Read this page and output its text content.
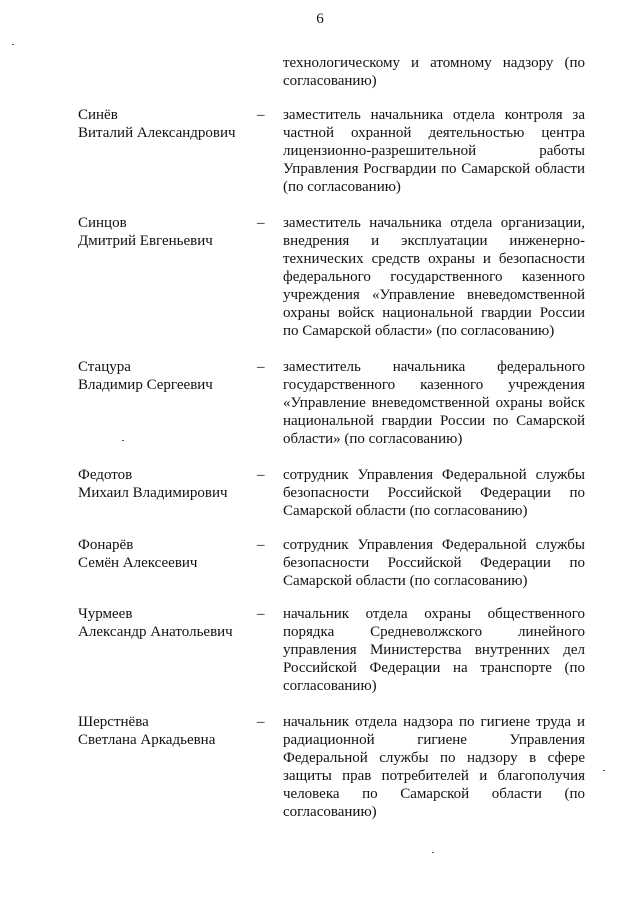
6
технологическому и атомному надзору (по
согласованию)
Синёв
Виталий Александрович
–	заместитель начальника отдела контроля за
частной охранной деятельностью центра
лицензионно-разрешительной работы
Управления Росгвардии по Самарской области
(по согласованию)
Синцов
Дмитрий Евгеньевич
–	заместитель начальника отдела организации,
внедрения и эксплуатации инженерно-
технических средств охраны и безопасности
федерального государственного казенного
учреждения «Управление вневедомственной
охраны войск национальной гвардии России
по Самарской области» (по согласованию)
Стацура
Владимир Сергеевич
–	заместитель начальника федерального
государственного казенного учреждения
«Управление вневедомственной охраны войск
национальной гвардии России по Самарской
области» (по согласованию)
Федотов
Михаил Владимирович
–	сотрудник Управления Федеральной службы
безопасности Российской Федерации по
Самарской области (по согласованию)
Фонарёв
Семён Алексеевич
–	сотрудник Управления Федеральной службы
безопасности Российской Федерации по
Самарской области (по согласованию)
Чурмеев
Александр Анатольевич
–	начальник отдела охраны общественного
порядка Средневолжского линейного
управления Министерства внутренних дел
Российской Федерации на транспорте (по
согласованию)
Шерстнёва
Светлана Аркадьевна
–	начальник отдела надзора по гигиене труда и
радиационной гигиене Управления
Федеральной службы по надзору в сфере
защиты прав потребителей и благополучия
человека по Самарской области (по
согласованию)
